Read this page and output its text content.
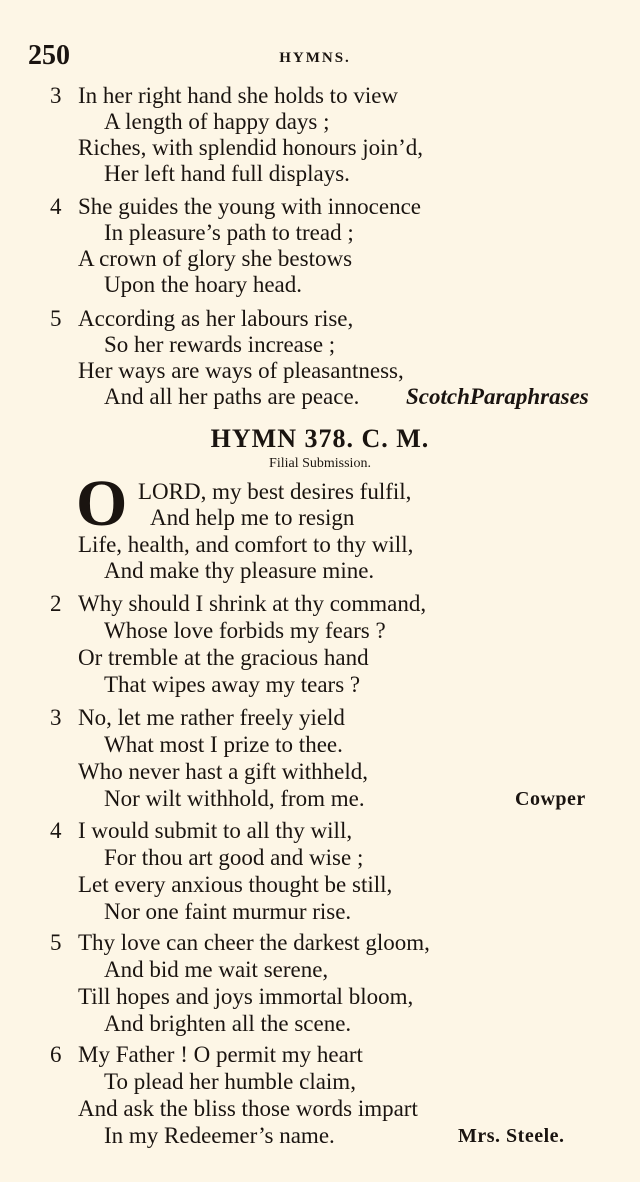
250	HYMNS.
3 In her right hand she holds to view
A length of happy days ;
Riches, with splendid honours join’d,
Her left hand full displays.
4 She guides the young with innocence
In pleasure’s path to tread ;
A crown of glory she bestows
Upon the hoary head.
5 According as her labours rise,
So her rewards increase ;
Her ways are ways of pleasantness,
And all her paths are peace. ScotchParaphrases
HYMN 378. C. M.
Filial Submission.
O LORD, my best desires fulfil,
And help me to resign
Life, health, and comfort to thy will,
And make thy pleasure mine.
2 Why should I shrink at thy command,
Whose love forbids my fears ?
Or tremble at the gracious hand
That wipes away my tears ?
3 No, let me rather freely yield
What most I prize to thee.
Who never hast a gift withheld,
Nor wilt withhold, from me.	Cowper
4 I would submit to all thy will,
For thou art good and wise ;
Let every anxious thought be still,
Nor one faint murmur rise.
5 Thy love can cheer the darkest gloom,
And bid me wait serene,
Till hopes and joys immortal bloom,
And brighten all the scene.
6 My Father ! O permit my heart
To plead her humble claim,
And ask the bliss those words impart
In my Redeemer’s name.	Mrs. Steele.
